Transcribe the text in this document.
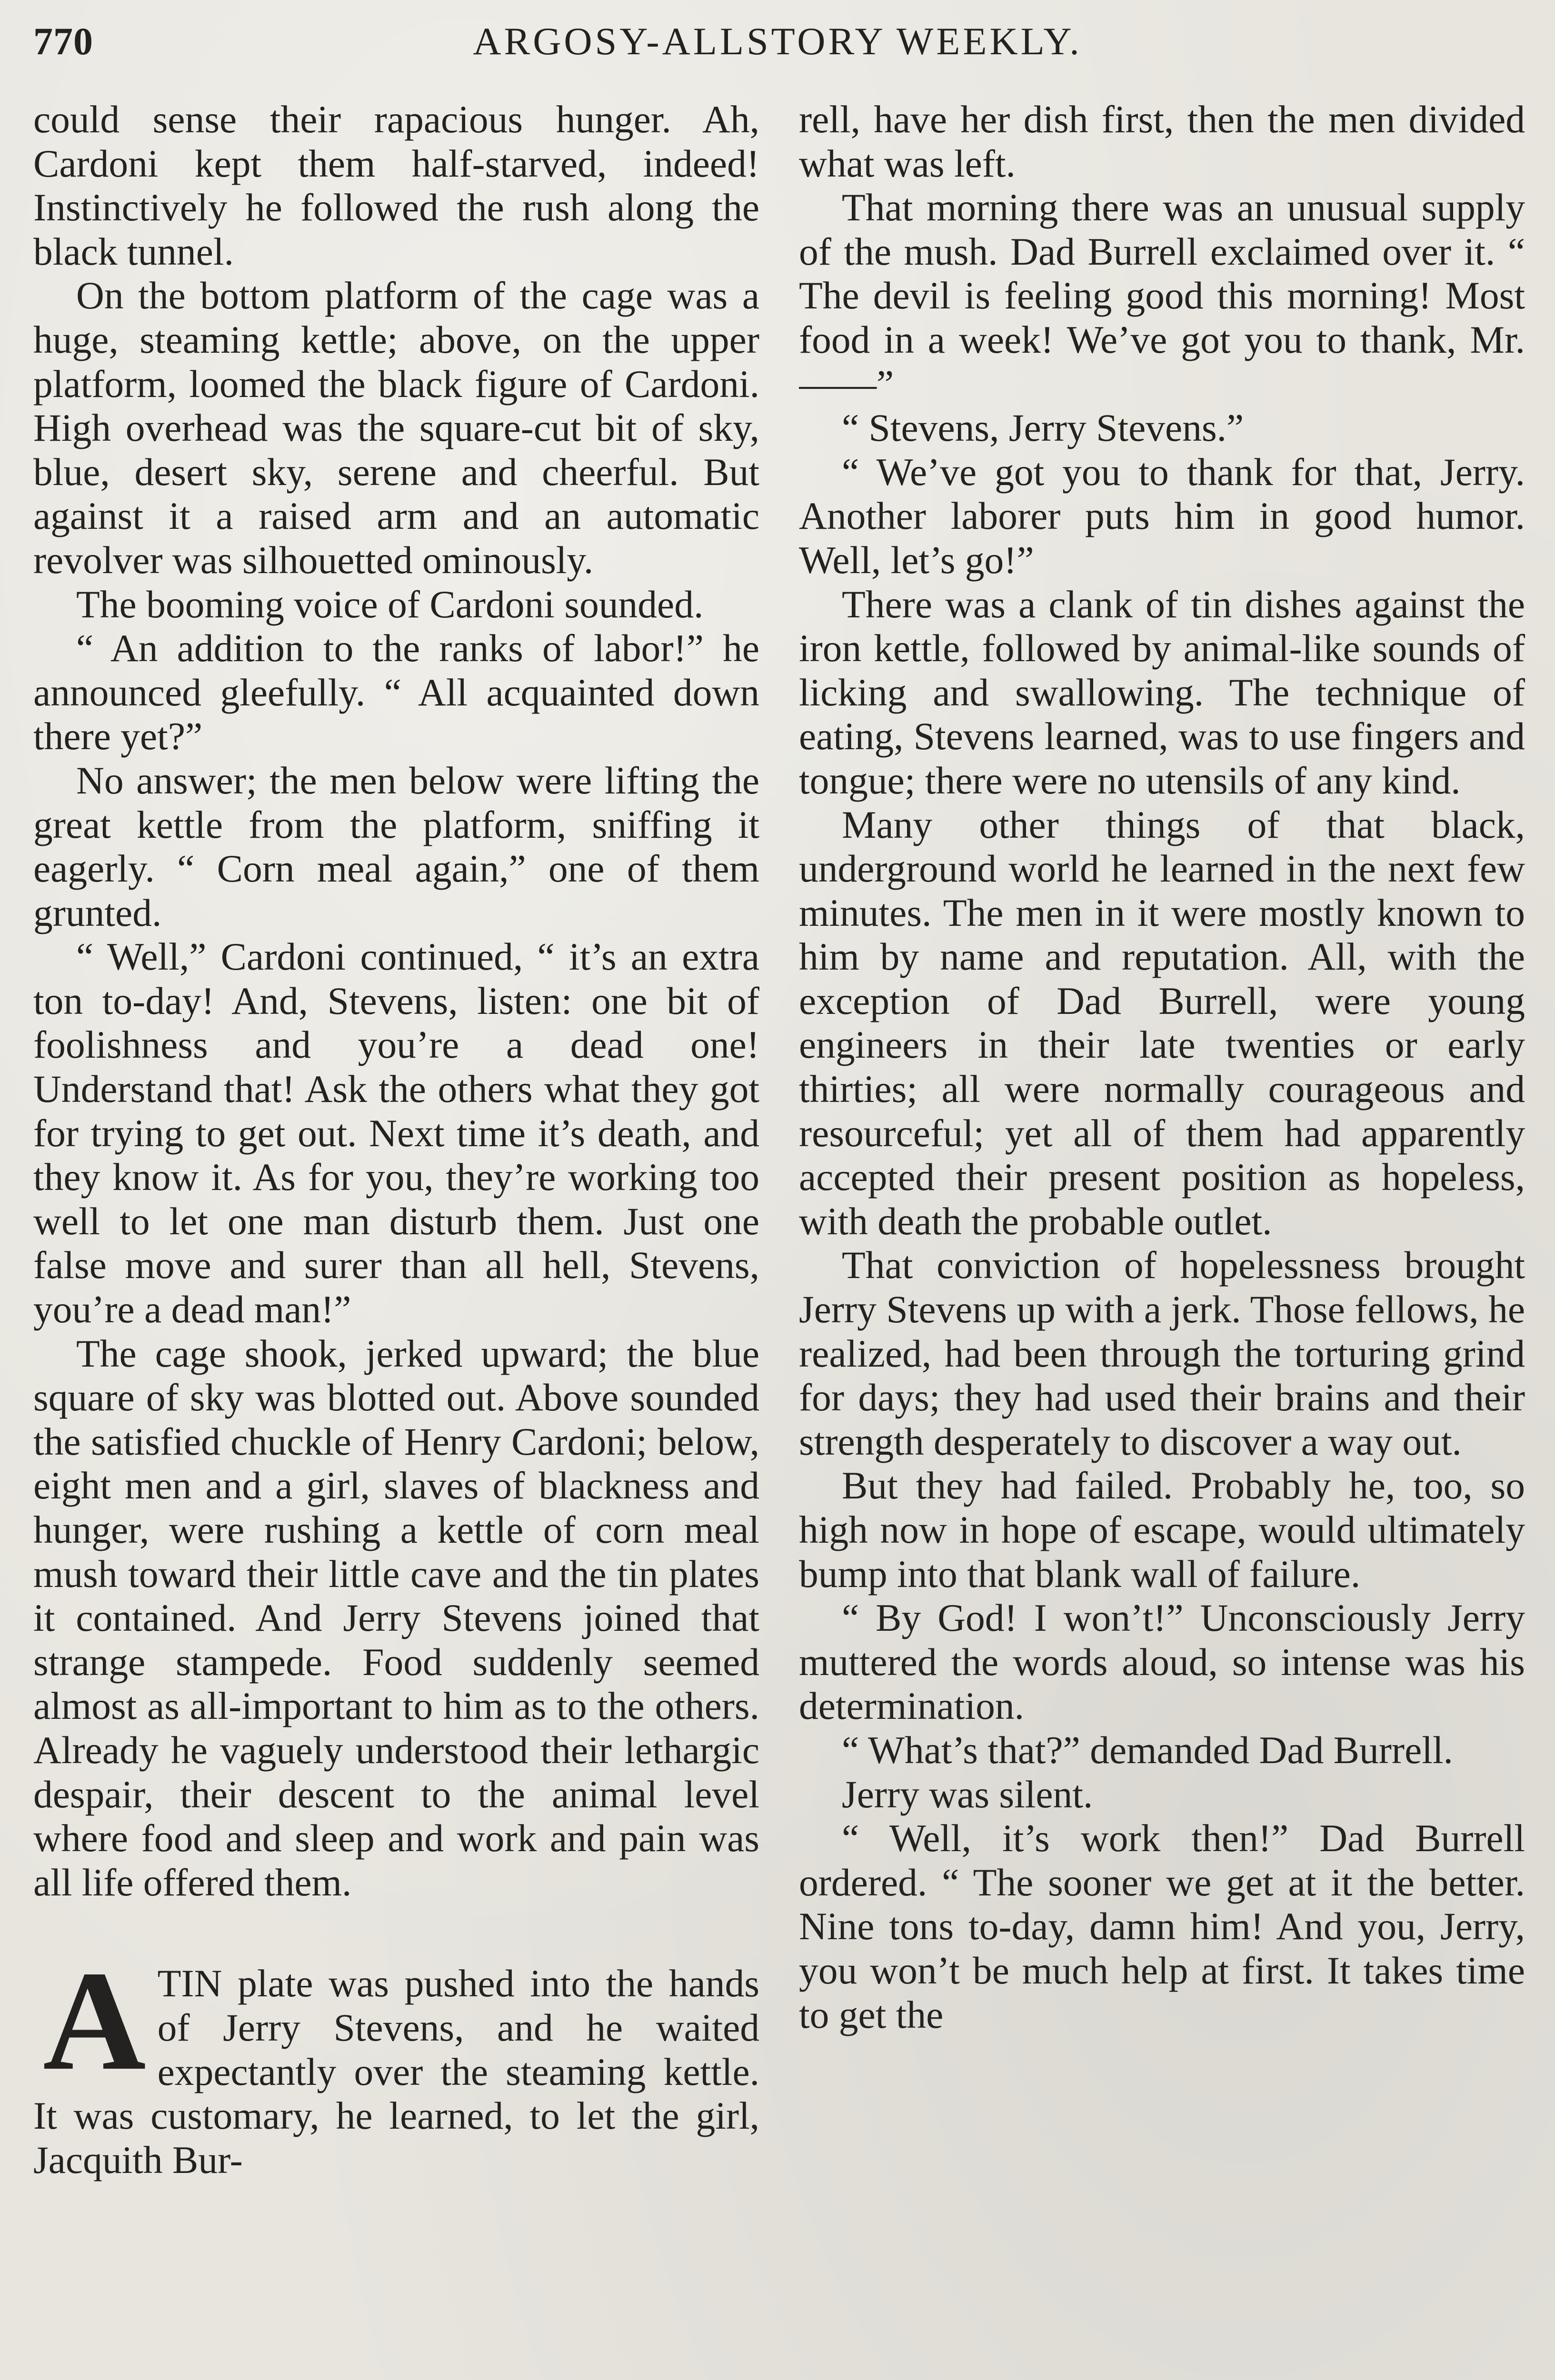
770	ARGOSY-ALLSTORY WEEKLY.

could sense their rapacious hunger. Ah, Cardoni kept them half-starved, indeed! Instinctively he followed the rush along the black tunnel.

On the bottom platform of the cage was a huge, steaming kettle; above, on the upper platform, loomed the black figure of Cardoni. High overhead was the square-cut bit of sky, blue, desert sky, serene and cheerful. But against it a raised arm and an automatic revolver was silhouetted ominously.

The booming voice of Cardoni sounded.

“ An addition to the ranks of labor!” he announced gleefully. “ All acquainted down there yet?”

No answer; the men below were lifting the great kettle from the platform, sniffing it eagerly. “ Corn meal again,” one of them grunted.

“ Well,” Cardoni continued, “ it’s an extra ton to-day! And, Stevens, listen: one bit of foolishness and you’re a dead one! Understand that! Ask the others what they got for trying to get out. Next time it’s death, and they know it. As for you, they’re working too well to let one man disturb them. Just one false move and surer than all hell, Stevens, you’re a dead man!”

The cage shook, jerked upward; the blue square of sky was blotted out. Above sounded the satisfied chuckle of Henry Cardoni; below, eight men and a girl, slaves of blackness and hunger, were rushing a kettle of corn meal mush toward their little cave and the tin plates it contained. And Jerry Stevens joined that strange stampede. Food suddenly seemed almost as all-important to him as to the others. Already he vaguely understood their lethargic despair, their descent to the animal level where food and sleep and work and pain was all life offered them.

ATIN plate was pushed into the hands of Jerry Stevens, and he waited expectantly over the steaming kettle. It was customary, he learned, to let the girl, Jacquith Bur-

rell, have her dish first, then the men divided what was left.

That morning there was an unusual supply of the mush. Dad Burrell exclaimed over it. “ The devil is feeling good this morning! Most food in a week! We’ve got you to thank, Mr. ——”

“ Stevens, Jerry Stevens.”

“ We’ve got you to thank for that, Jerry. Another laborer puts him in good humor. Well, let’s go!”

There was a clank of tin dishes against the iron kettle, followed by animal-like sounds of licking and swallowing. The technique of eating, Stevens learned, was to use fingers and tongue; there were no utensils of any kind.

Many other things of that black, underground world he learned in the next few minutes. The men in it were mostly known to him by name and reputation. All, with the exception of Dad Burrell, were young engineers in their late twenties or early thirties; all were normally courageous and resourceful; yet all of them had apparently accepted their present position as hopeless, with death the probable outlet.

That conviction of hopelessness brought Jerry Stevens up with a jerk. Those fellows, he realized, had been through the torturing grind for days; they had used their brains and their strength desperately to discover a way out.

But they had failed. Probably he, too, so high now in hope of escape, would ultimately bump into that blank wall of failure.

“ By God! I won’t!” Unconsciously Jerry muttered the words aloud, so intense was his determination.

“ What’s that?” demanded Dad Burrell.

Jerry was silent.

“ Well, it’s work then!” Dad Burrell ordered. “ The sooner we get at it the better. Nine tons to-day, damn him! And you, Jerry, you won’t be much help at first. It takes time to get the
